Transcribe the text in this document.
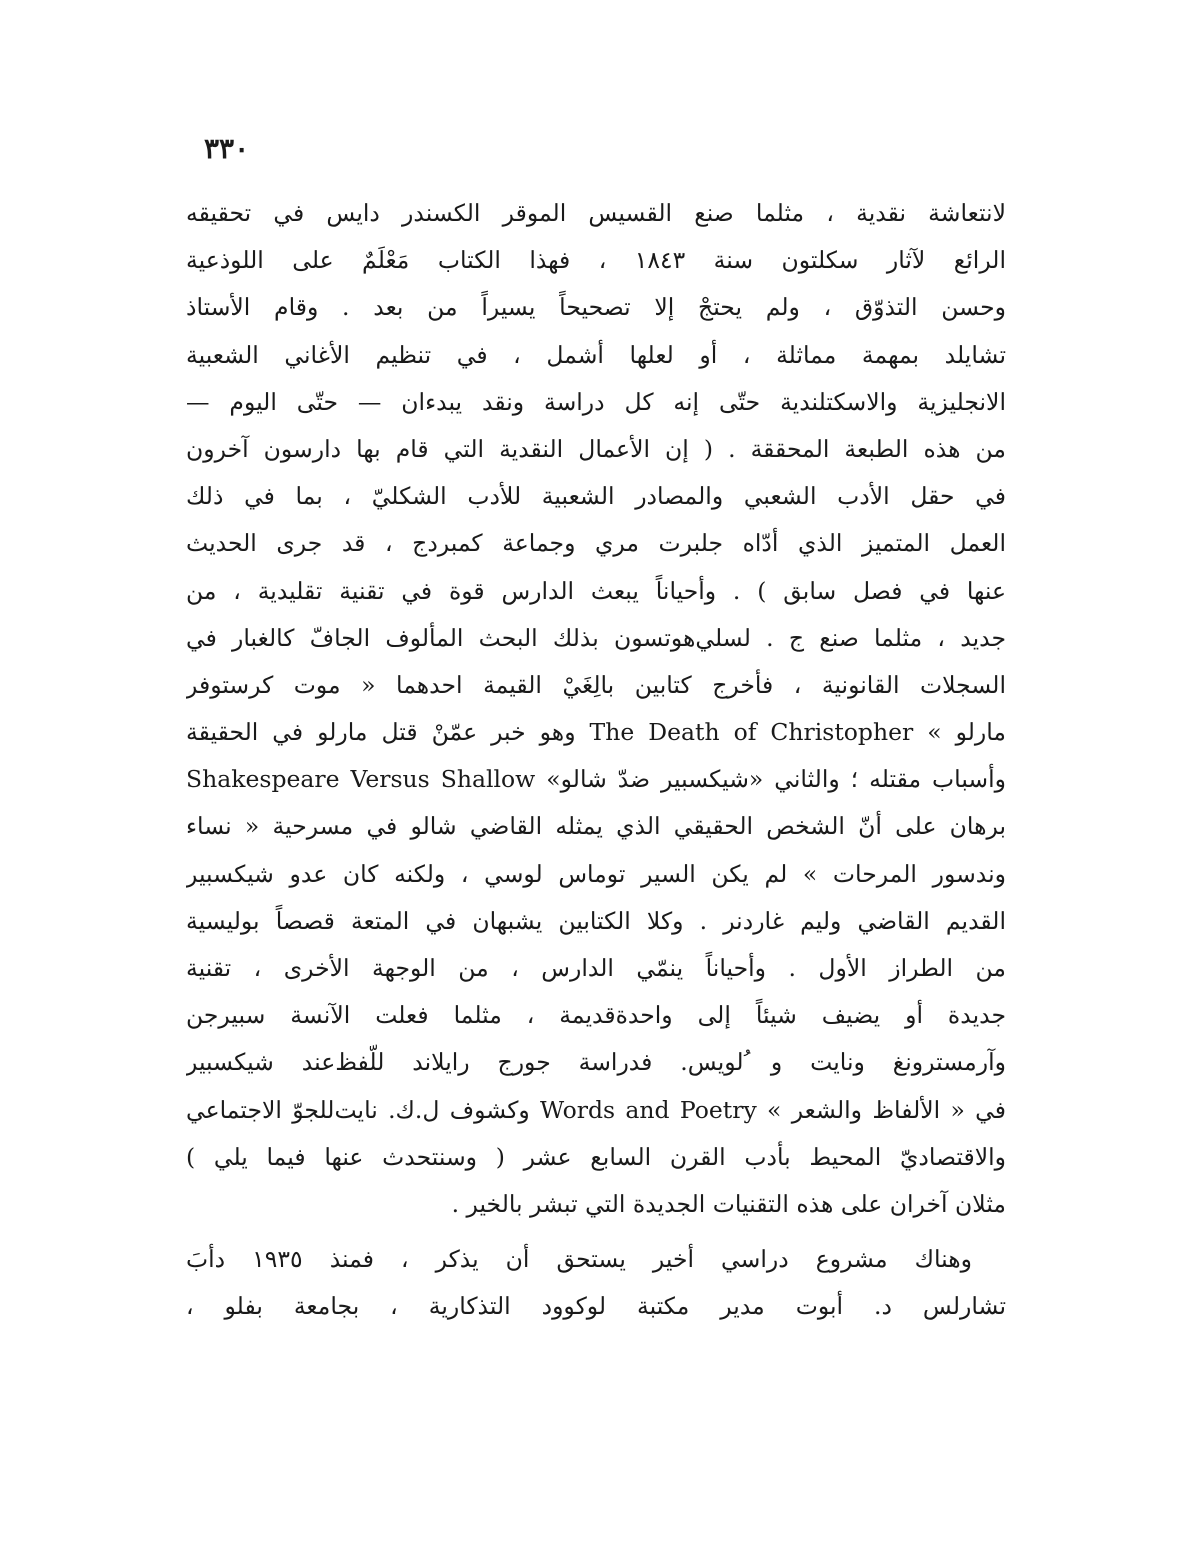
٣٣٠
لانتعاشة نقدية ، مثلما صنع القسيس الموقر الكسندر دايس في تحقيقه
الرائع لآثار سكلتون سنة ١٨٤٣ ، فهذا الكتاب مَعْلَمٌ على اللوذعية
وحسن التذوّق ، ولم يحتجْ إلا تصحيحاً يسيراً من بعد . وقام الأستاذ
تشايلد بمهمة مماثلة ، أو لعلها أشمل ، في تنظيم الأغاني الشعبية
الانجليزية والاسكتلندية حتّى إنه كل دراسة ونقد يبدءان — حتّى اليوم —
من هذه الطبعة المحققة . ( إن الأعمال النقدية التي قام بها دارسون آخرون
في حقل الأدب الشعبي والمصادر الشعبية للأدب الشكليّ ، بما في ذلك
العمل المتميز الذي أدّاه جلبرت مري وجماعة كمبردج ، قد جرى الحديث
عنها في فصل سابق ) . وأحياناً يبعث الدارس قوة في تقنية تقليدية ، من
جديد ، مثلما صنع ج . لسلي‌هوتسون بذلك البحث المألوف الجافّ كالغبار في
السجلات القانونية ، فأخرج كتابين بالِغَيْ القيمة احدهما « موت كرستوفر
مارلو » The Death of Christopher وهو خبر عمّنْ قتل مارلو في الحقيقة
وأسباب مقتله ؛ والثاني «شيكسبير ضدّ شالو» Shakespeare Versus Shallow
برهان على أنّ الشخص الحقيقي الذي يمثله القاضي شالو في مسرحية « نساء
وندسور المرحات » لم يكن السير توماس لوسي ، ولكنه كان عدو شيكسبير
القديم القاضي وليم غاردنر . وكلا الكتابين يشبهان في المتعة قصصاً بوليسية
من الطراز الأول . وأحياناً ينمّي الدارس ، من الوجهة الأخرى ، تقنية
جديدة أو يضيف شيئاً إلى واحدةقديمة ، مثلما فعلت الآنسة سبيرجن
وآرمسترونغ ونايت و ُلويس. فدراسة جورج رايلاند للّفظ‌عند شيكسبير
في « الألفاظ والشعر » Words and Poetry وكشوف ل.ك. نايت‌للجوّ الاجتماعي
والاقتصاديّ المحيط بأدب القرن السابع عشر ( وسنتحدث عنها فيما يلي )
مثلان آخران على هذه التقنيات الجديدة التي تبشر بالخير .
وهناك مشروع دراسي أخير يستحق أن يذكر ، فمنذ ١٩٣٥ دأبَ
تشارلس د. أبوت مدير مكتبة لوكوود التذكارية ، بجامعة بفلو ،
